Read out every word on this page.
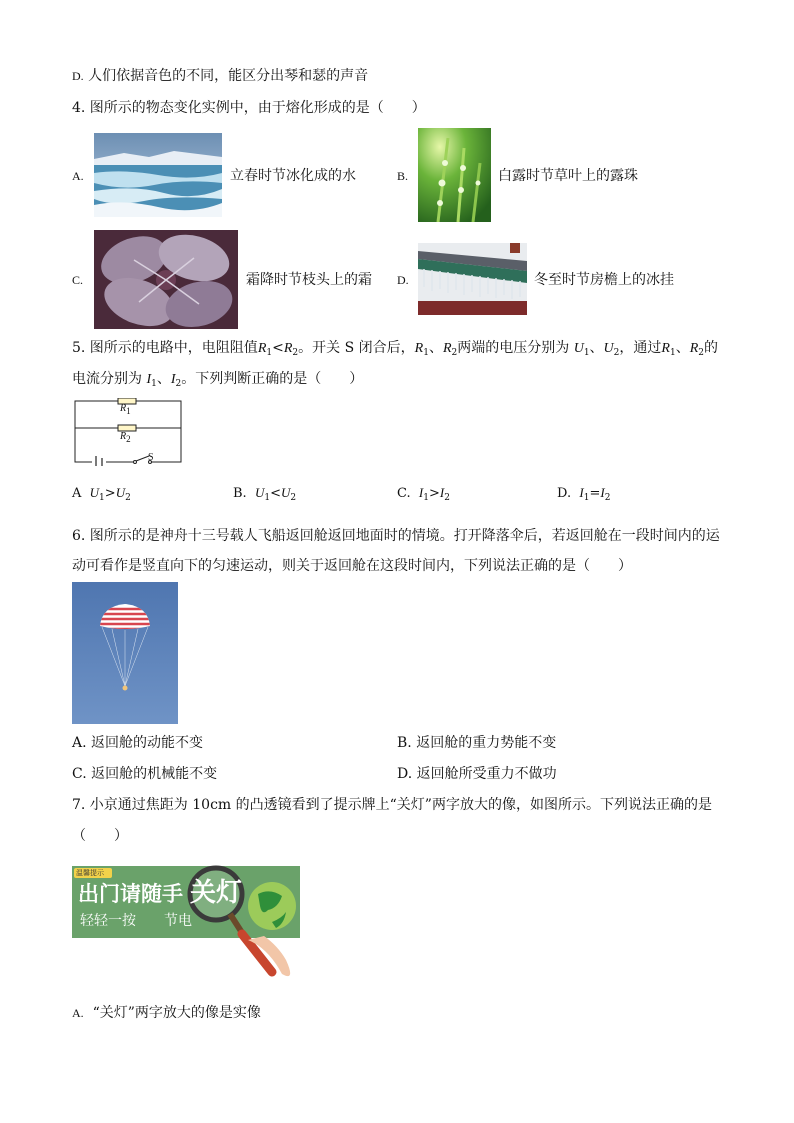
D. 人们依据音色的不同，能区分出琴和瑟的声音
4. 图所示的物态变化实例中，由于熔化形成的是（　　）
A.	立春时节冰化成的水	B.	白露时节草叶上的露珠
C.	霜降时节枝头上的霜 D.	冬至时节房檐上的冰挂
5. 图所示的电路中，电阻阻值$R_1<R_2$。开关 S 闭合后，$R_1$、$R_2$两端的电压分别为 $U_1$、$U_2$，通过$R_1$、$R_2$的
电流分别为 $I_1$、$I_2$。下列判断正确的是（　　）
$R_1$
$R_2$
S
A $U_1>U_2$	B. $U_1<U_2$	C. $I_1>I_2$	D. $I_1=I_2$
6. 图所示的是神舟十三号载人飞船返回舱返回地面时的情境。打开降落伞后，若返回舱在一段时间内的运
动可看作是竖直向下的匀速运动，则关于返回舱在这段时间内，下列说法正确的是（　　）
A. 返回舱的动能不变	B. 返回舱的重力势能不变
C. 返回舱的机械能不变	D. 返回舱所受重力不做功
7. 小京通过焦距为 10cm 的凸透镜看到了提示牌上“关灯”两字放大的像，如图所示。下列说法正确的是
（　　）
温馨提示
出门请随手 关灯
轻轻一按 节电
A. “关灯”两字放大的像是实像
